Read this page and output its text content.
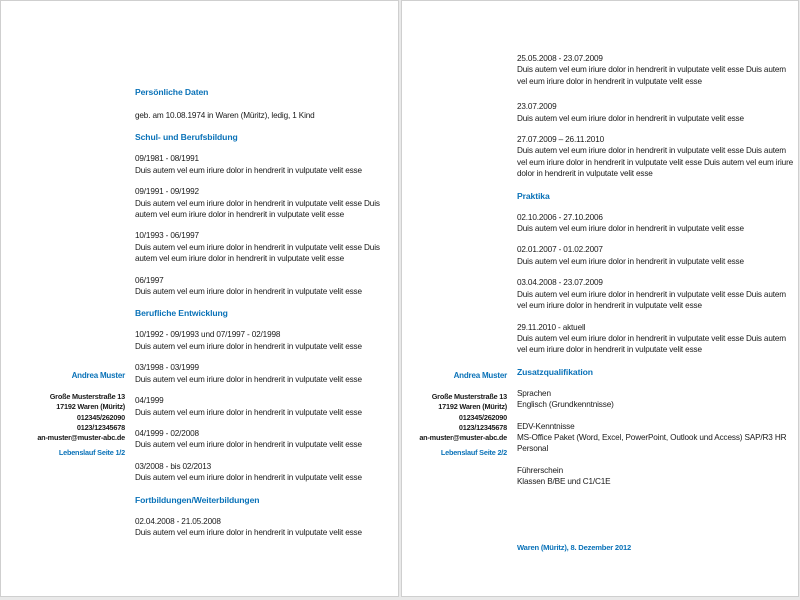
Persönliche Daten

geb. am 10.08.1974 in Waren (Müritz), ledig, 1 Kind

Schul- und Berufsbildung

09/1981 - 08/1991
Duis autem vel eum iriure dolor in hendrerit in vulputate velit esse

09/1991 - 09/1992
Duis autem vel eum iriure dolor in hendrerit in vulputate velit esse Duis autem vel eum iriure dolor in hendrerit in vulputate velit esse

10/1993 - 06/1997
Duis autem vel eum iriure dolor in hendrerit in vulputate velit esse Duis autem vel eum iriure dolor in hendrerit in vulputate velit esse

06/1997
Duis autem vel eum iriure dolor in hendrerit in vulputate velit esse

Berufliche Entwicklung

10/1992 - 09/1993 und 07/1997 - 02/1998
Duis autem vel eum iriure dolor in hendrerit in vulputate velit esse

03/1998 - 03/1999
Duis autem vel eum iriure dolor in hendrerit in vulputate velit esse

04/1999
Duis autem vel eum iriure dolor in hendrerit in vulputate velit esse

04/1999 - 02/2008
Duis autem vel eum iriure dolor in hendrerit in vulputate velit esse

03/2008 - bis 02/2013
Duis autem vel eum iriure dolor in hendrerit in vulputate velit esse

Fortbildungen/Weiterbildungen

02.04.2008 - 21.05.2008
Duis autem vel eum iriure dolor in hendrerit in vulputate velit esse

Andrea Muster
Große Musterstraße 13
17192 Waren (Müritz)
012345/262090
0123/12345678
an-muster@muster-abc.de
Lebenslauf Seite 1/2

25.05.2008 - 23.07.2009
Duis autem vel eum iriure dolor in hendrerit in vulputate velit esse Duis autem vel eum iriure dolor in hendrerit in vulputate velit esse

23.07.2009
Duis autem vel eum iriure dolor in hendrerit in vulputate velit esse

27.07.2009 – 26.11.2010
Duis autem vel eum iriure dolor in hendrerit in vulputate velit esse Duis autem vel eum iriure dolor in hendrerit in vulputate velit esse Duis autem vel eum iriure dolor in hendrerit in vulputate velit esse

Praktika

02.10.2006 - 27.10.2006
Duis autem vel eum iriure dolor in hendrerit in vulputate velit esse

02.01.2007 - 01.02.2007
Duis autem vel eum iriure dolor in hendrerit in vulputate velit esse

03.04.2008 - 23.07.2009
Duis autem vel eum iriure dolor in hendrerit in vulputate velit esse Duis autem vel eum iriure dolor in hendrerit in vulputate velit esse

29.11.2010 - aktuell
Duis autem vel eum iriure dolor in hendrerit in vulputate velit esse Duis autem vel eum iriure dolor in hendrerit in vulputate velit esse

Zusatzqualifikation

Sprachen
Englisch (Grundkenntnisse)

EDV-Kenntnisse
MS-Office Paket (Word, Excel, PowerPoint, Outlook und Access) SAP/R3 HR Personal

Führerschein
Klassen B/BE und C1/C1E

Andrea Muster
Große Musterstraße 13
17192 Waren (Müritz)
012345/262090
0123/12345678
an-muster@muster-abc.de
Lebenslauf Seite 2/2
Waren (Müritz), 8. Dezember 2012
